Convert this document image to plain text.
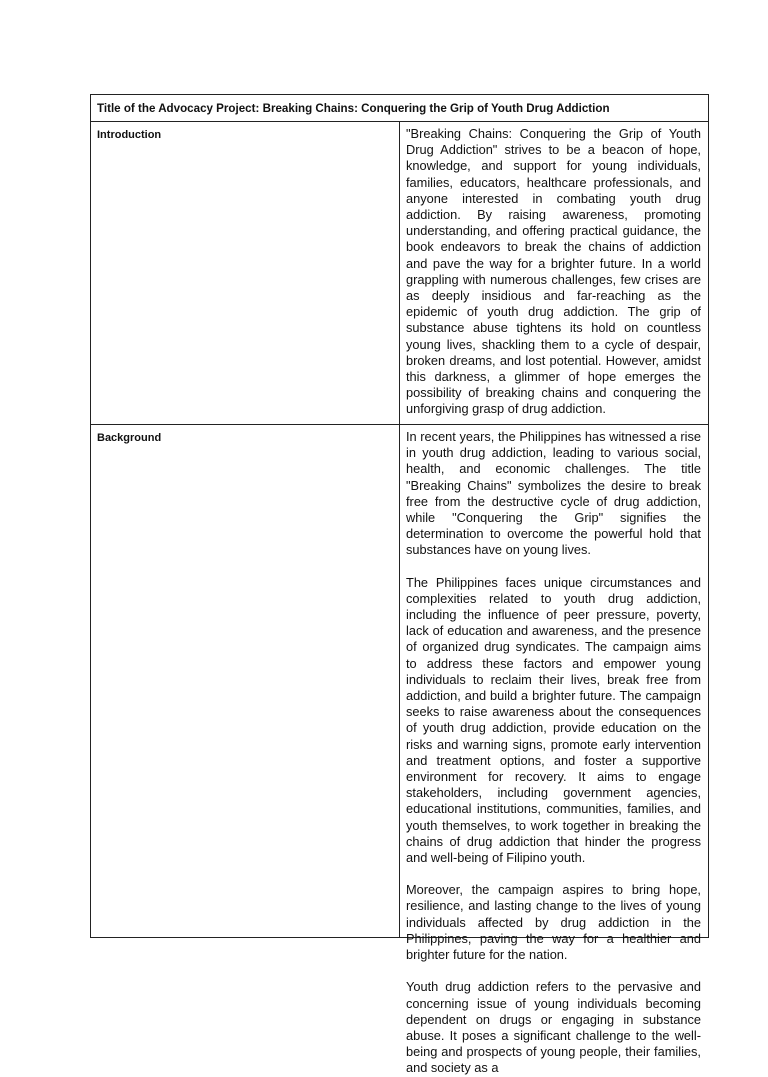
Title of the Advocacy Project: Breaking Chains: Conquering the Grip of Youth Drug Addiction	
Introduction	"Breaking Chains: Conquering the Grip of Youth Drug Addiction" strives to be a beacon of hope, knowledge, and support for young individuals, families, educators, healthcare professionals, and anyone interested in combating youth drug addiction. By raising awareness, promoting understanding, and offering practical guidance, the book endeavors to break the chains of addiction and pave the way for a brighter future. In a world grappling with numerous challenges, few crises are as deeply insidious and far-reaching as the epidemic of youth drug addiction. The grip of substance abuse tightens its hold on countless young lives, shackling them to a cycle of despair, broken dreams, and lost potential. However, amidst this darkness, a glimmer of hope emerges the possibility of breaking chains and conquering the unforgiving grasp of drug addiction.

Background	In recent years, the Philippines has witnessed a rise in youth drug addiction, leading to various social, health, and economic challenges. The title "Breaking Chains" symbolizes the desire to break free from the destructive cycle of drug addiction, while "Conquering the Grip" signifies the determination to overcome the powerful hold that substances have on young lives.

The Philippines faces unique circumstances and complexities related to youth drug addiction, including the influence of peer pressure, poverty, lack of education and awareness, and the presence of organized drug syndicates. The campaign aims to address these factors and empower young individuals to reclaim their lives, break free from addiction, and build a brighter future. The campaign seeks to raise awareness about the consequences of youth drug addiction, provide education on the risks and warning signs, promote early intervention and treatment options, and foster a supportive environment for recovery. It aims to engage stakeholders, including government agencies, educational institutions, communities, families, and youth themselves, to work together in breaking the chains of drug addiction that hinder the progress and well-being of Filipino youth.

Moreover, the campaign aspires to bring hope, resilience, and lasting change to the lives of young individuals affected by drug addiction in the Philippines, paving the way for a healthier and brighter future for the nation.

Youth drug addiction refers to the pervasive and concerning issue of young individuals becoming dependent on drugs or engaging in substance abuse. It poses a significant challenge to the well-being and prospects of young people, their families, and society as a
